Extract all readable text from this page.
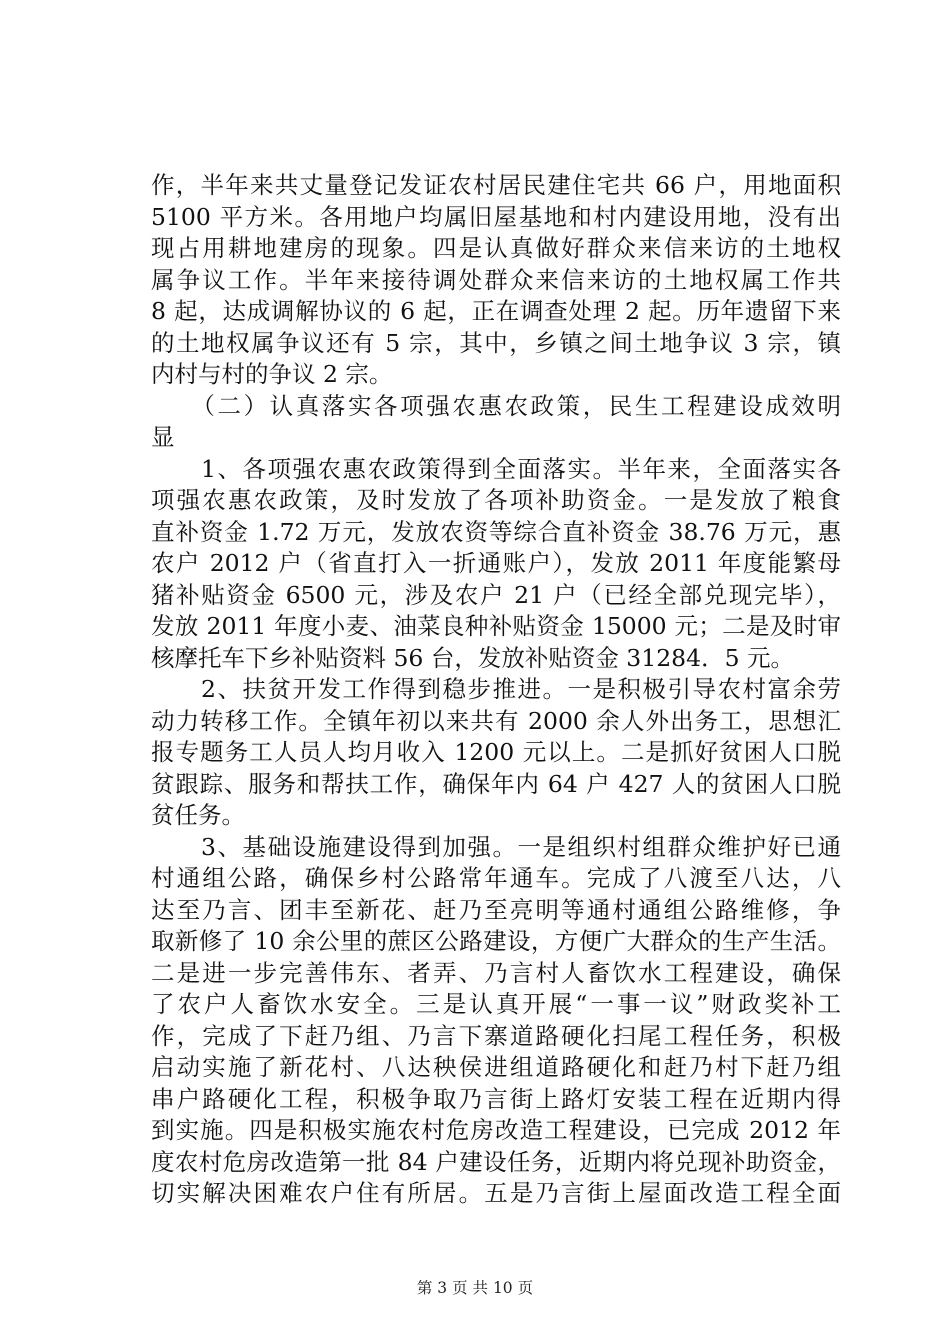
作，半年来共丈量登记发证农村居民建住宅共 66 户，用地面积
5100 平方米。各用地户均属旧屋基地和村内建设用地，没有出
现占用耕地建房的现象。四是认真做好群众来信来访的土地权
属争议工作。半年来接待调处群众来信来访的土地权属工作共
8 起，达成调解协议的 6 起，正在调查处理 2 起。历年遗留下来
的土地权属争议还有 5 宗，其中，乡镇之间土地争议 3 宗，镇
内村与村的争议 2 宗。
　　（二）认真落实各项强农惠农政策，民生工程建设成效明
显
　　1、各项强农惠农政策得到全面落实。半年来，全面落实各
项强农惠农政策，及时发放了各项补助资金。一是发放了粮食
直补资金 1.72 万元，发放农资等综合直补资金 38.76 万元，惠
农户 2012 户（省直打入一折通账户），发放 2011 年度能繁母
猪补贴资金 6500 元，涉及农户 21 户（已经全部兑现完毕），
发放 2011 年度小麦、油菜良种补贴资金 15000 元；二是及时审
核摩托车下乡补贴资料 56 台，发放补贴资金 31284．5 元。
　　2、扶贫开发工作得到稳步推进。一是积极引导农村富余劳
动力转移工作。全镇年初以来共有 2000 余人外出务工，思想汇
报专题务工人员人均月收入 1200 元以上。二是抓好贫困人口脱
贫跟踪、服务和帮扶工作，确保年内 64 户 427 人的贫困人口脱
贫任务。
　　3、基础设施建设得到加强。一是组织村组群众维护好已通
村通组公路，确保乡村公路常年通车。完成了八渡至八达，八
达至乃言、团丰至新花、赶乃至亮明等通村通组公路维修，争
取新修了 10 余公里的蔗区公路建设，方便广大群众的生产生活。
二是进一步完善伟东、者弄、乃言村人畜饮水工程建设，确保
了农户人畜饮水安全。三是认真开展“一事一议”财政奖补工
作，完成了下赶乃组、乃言下寨道路硬化扫尾工程任务，积极
启动实施了新花村、八达秧侯进组道路硬化和赶乃村下赶乃组
串户路硬化工程，积极争取乃言街上路灯安装工程在近期内得
到实施。四是积极实施农村危房改造工程建设，已完成 2012 年
度农村危房改造第一批 84 户建设任务，近期内将兑现补助资金，
切实解决困难农户住有所居。五是乃言街上屋面改造工程全面
第 3 页 共 10 页
